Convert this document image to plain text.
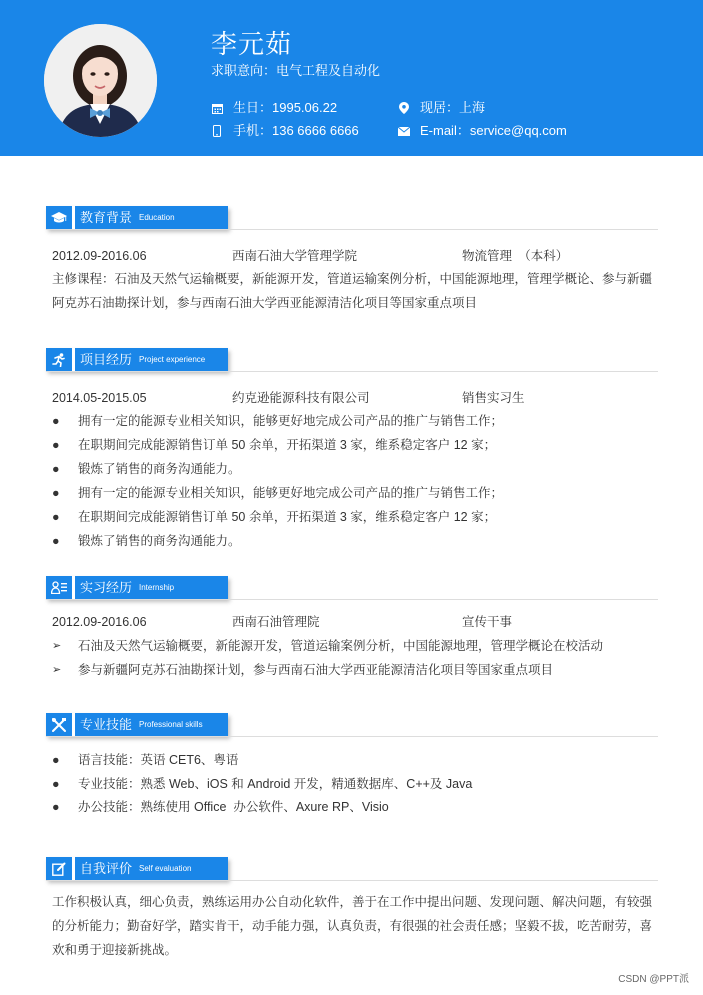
李元茹
求职意向：电气工程及自动化
生日：1995.06.22	现居：上海
手机：136 6666 6666	E-mail：service@qq.com
教育背景 Education
2012.09-2016.06	西南石油大学管理学院	物流管理　（本科）
主修课程：石油及天然气运输概要，新能源开发，管道运输案例分析，中国能源地理，管理学概论、参与新疆
阿克苏石油勘探计划，参与西南石油大学西亚能源清洁化项目等国家重点项目
项目经历 Project experience
2014.05-2015.05	约克逊能源科技有限公司	销售实习生
● 拥有一定的能源专业相关知识，能够更好地完成公司产品的推广与销售工作；
● 在职期间完成能源销售订单 50 余单，开拓渠道 3 家，维系稳定客户 12 家；
● 锻炼了销售的商务沟通能力。
● 拥有一定的能源专业相关知识，能够更好地完成公司产品的推广与销售工作；
● 在职期间完成能源销售订单 50 余单，开拓渠道 3 家，维系稳定客户 12 家；
● 锻炼了销售的商务沟通能力。
实习经历 Internship
2012.09-2016.06	西南石油管理院	宣传干事
➢ 石油及天然气运输概要，新能源开发，管道运输案例分析，中国能源地理，管理学概论在校活动
➢ 参与新疆阿克苏石油勘探计划，参与西南石油大学西亚能源清洁化项目等国家重点项目
专业技能 Professional skills
● 语言技能：英语 CET6、粤语
● 专业技能：熟悉 Web、iOS 和 Android 开发，精通数据库、C++及 Java
● 办公技能：熟练使用 Office  办公软件、Axure RP、Visio
自我评价 Self evaluation
工作积极认真，细心负责，熟练运用办公自动化软件，善于在工作中提出问题、发现问题、解决问题，有较强
的分析能力；勤奋好学，踏实肯干，动手能力强，认真负责，有很强的社会责任感；坚毅不拔，吃苦耐劳，喜
欢和勇于迎接新挑战。
CSDN @PPT派
